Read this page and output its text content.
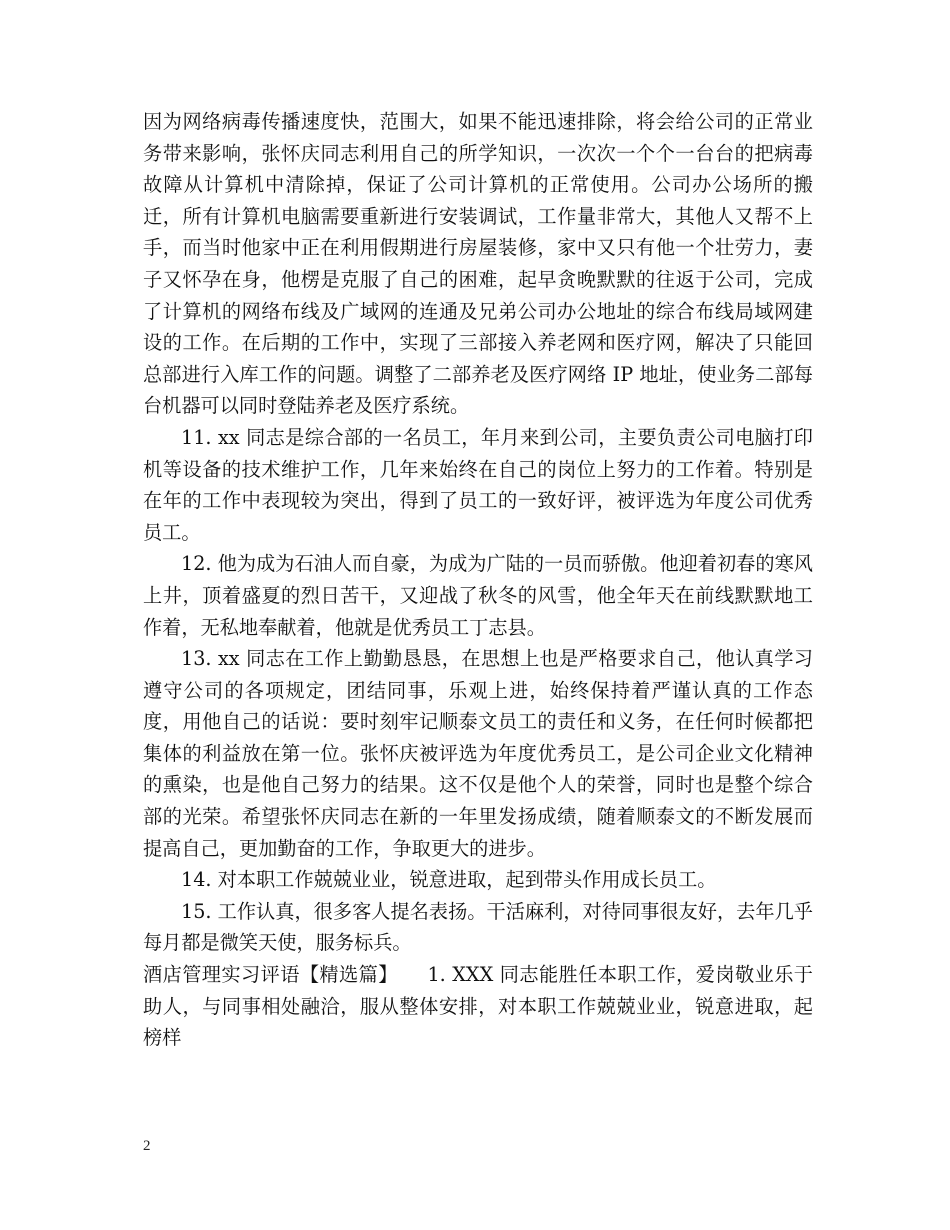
因为网络病毒传播速度快，范围大，如果不能迅速排除，将会给公司的正常业务带来影响，张怀庆同志利用自己的所学知识，一次次一个个一台台的把病毒故障从计算机中清除掉，保证了公司计算机的正常使用。公司办公场所的搬迁，所有计算机电脑需要重新进行安装调试，工作量非常大，其他人又帮不上手，而当时他家中正在利用假期进行房屋装修，家中又只有他一个壮劳力，妻子又怀孕在身，他楞是克服了自己的困难，起早贪晚默默的往返于公司，完成了计算机的网络布线及广域网的连通及兄弟公司办公地址的综合布线局域网建设的工作。在后期的工作中，实现了三部接入养老网和医疗网，解决了只能回总部进行入库工作的问题。调整了二部养老及医疗网络 IP 地址，使业务二部每台机器可以同时登陆养老及医疗系统。

11. xx 同志是综合部的一名员工，年月来到公司，主要负责公司电脑打印机等设备的技术维护工作，几年来始终在自己的岗位上努力的工作着。特别是在年的工作中表现较为突出，得到了员工的一致好评，被评选为年度公司优秀员工。

12. 他为成为石油人而自豪，为成为广陆的一员而骄傲。他迎着初春的寒风上井，顶着盛夏的烈日苦干，又迎战了秋冬的风雪，他全年天在前线默默地工作着，无私地奉献着，他就是优秀员工丁志县。

13. xx 同志在工作上勤勤恳恳，在思想上也是严格要求自己，他认真学习遵守公司的各项规定，团结同事，乐观上进，始终保持着严谨认真的工作态度，用他自己的话说：要时刻牢记顺泰文员工的责任和义务，在任何时候都把集体的利益放在第一位。张怀庆被评选为年度优秀员工，是公司企业文化精神的熏染，也是他自己努力的结果。这不仅是他个人的荣誉，同时也是整个综合部的光荣。希望张怀庆同志在新的一年里发扬成绩，随着顺泰文的不断发展而提高自己，更加勤奋的工作，争取更大的进步。

14. 对本职工作兢兢业业，锐意进取，起到带头作用成长员工。

15. 工作认真，很多客人提名表扬。干活麻利，对待同事很友好，去年几乎每月都是微笑天使，服务标兵。

酒店管理实习评语【精选篇】　　1. XXX 同志能胜任本职工作，爱岗敬业乐于助人，与同事相处融洽，服从整体安排，对本职工作兢兢业业，锐意进取，起榜样

2
